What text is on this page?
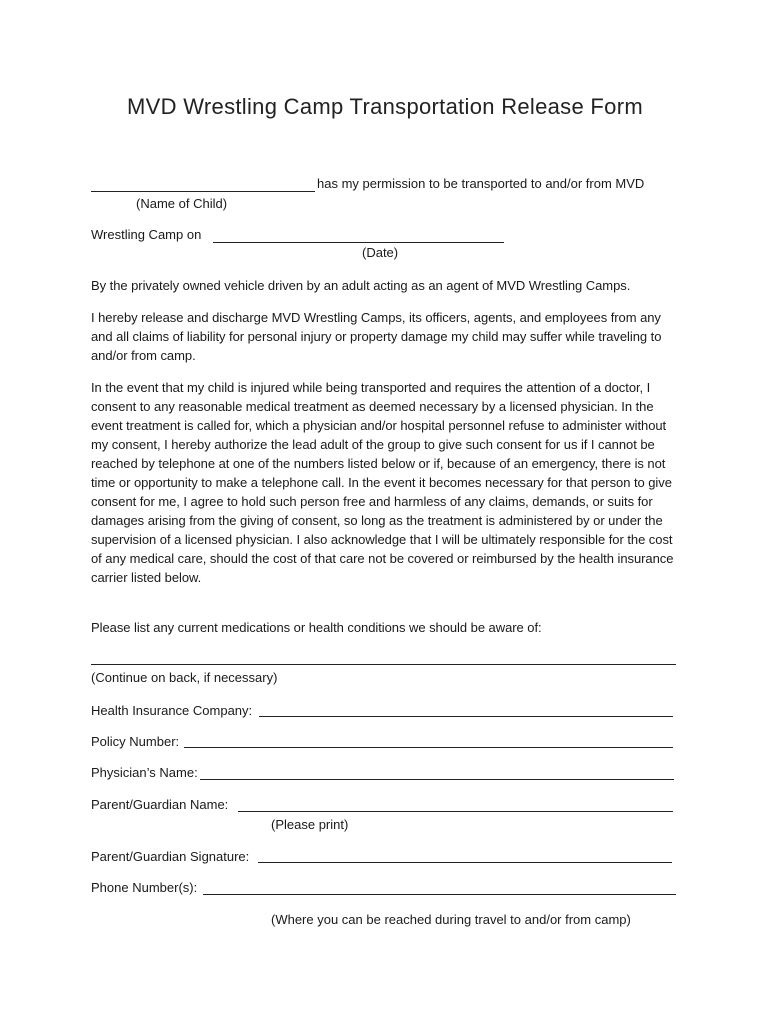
MVD Wrestling Camp Transportation Release Form
has my permission to be transported to and/or from MVD
(Name of Child)
Wrestling Camp on
(Date)
By the privately owned vehicle driven by an adult acting as an agent of MVD Wrestling Camps.
I hereby release and discharge MVD Wrestling Camps, its officers, agents, and employees from any and all claims of liability for personal injury or property damage my child may suffer while traveling to and/or from camp.
In the event that my child is injured while being transported and requires the attention of a doctor, I consent to any reasonable medical treatment as deemed necessary by a licensed physician. In the event treatment is called for, which a physician and/or hospital personnel refuse to administer without my consent, I hereby authorize the lead adult of the group to give such consent for us if I cannot be reached by telephone at one of the numbers listed below or if, because of an emergency, there is not time or opportunity to make a telephone call. In the event it becomes necessary for that person to give consent for me, I agree to hold such person free and harmless of any claims, demands, or suits for damages arising from the giving of consent, so long as the treatment is administered by or under the supervision of a licensed physician. I also acknowledge that I will be ultimately responsible for the cost of any medical care, should the cost of that care not be covered or reimbursed by the health insurance carrier listed below.
Please list any current medications or health conditions we should be aware of:
(Continue on back, if necessary)
Health Insurance Company:
Policy Number:
Physician’s Name:
Parent/Guardian Name:
(Please print)
Parent/Guardian Signature:
Phone Number(s):
(Where you can be reached during travel to and/or from camp)
